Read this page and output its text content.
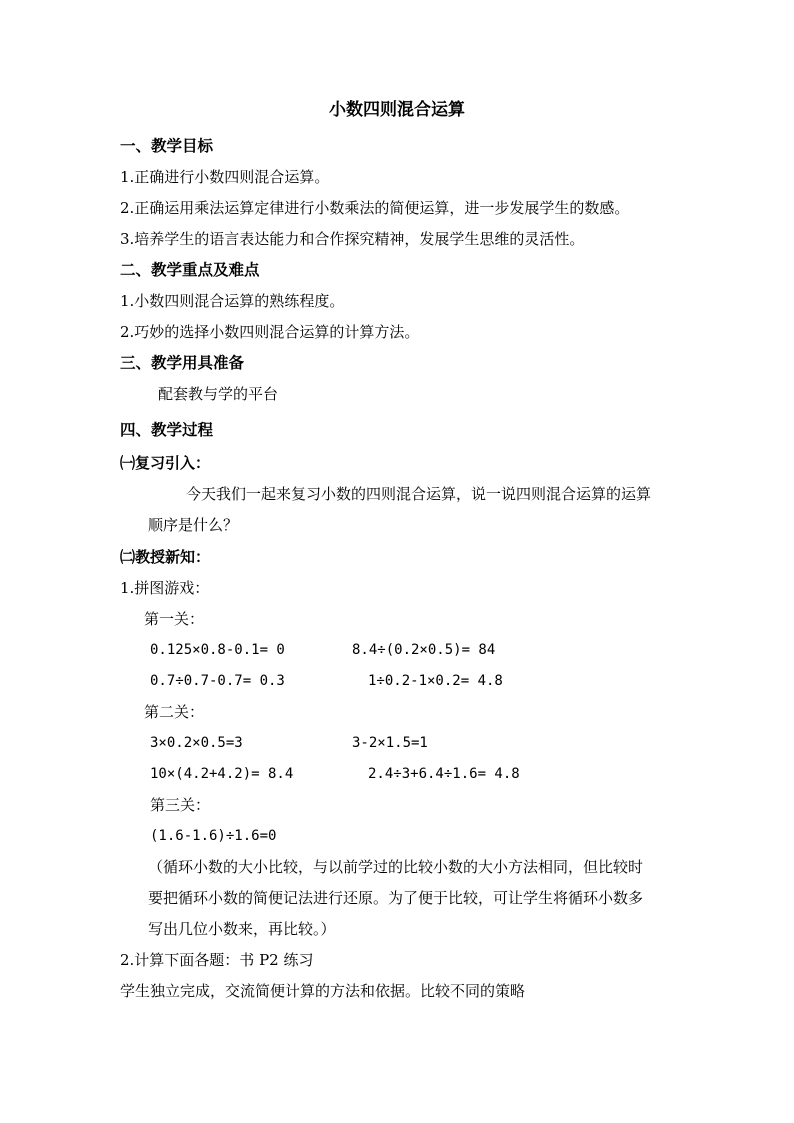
小数四则混合运算
一、教学目标
1.正确进行小数四则混合运算。
2.正确运用乘法运算定律进行小数乘法的简便运算，进一步发展学生的数感。
3.培养学生的语言表达能力和合作探究精神，发展学生思维的灵活性。
二、教学重点及难点
1.小数四则混合运算的熟练程度。
2.巧妙的选择小数四则混合运算的计算方法。
三、教学用具准备
配套教与学的平台
四、教学过程
㈠复习引入：
今天我们一起来复习小数的四则混合运算，说一说四则混合运算的运算
顺序是什么？
㈡教授新知：
1.拼图游戏：
第一关：
0.125×0.8-0.1= 0	8.4÷(0.2×0.5)= 84
0.7÷0.7-0.7= 0.3	1÷0.2-1×0.2= 4.8
第二关：
3×0.2×0.5=3	3-2×1.5=1
10×(4.2+4.2)= 8.4	2.4÷3+6.4÷1.6= 4.8
第三关：
(1.6-1.6)÷1.6=0
（循环小数的大小比较，与以前学过的比较小数的大小方法相同，但比较时
要把循环小数的简便记法进行还原。为了便于比较，可让学生将循环小数多
写出几位小数来，再比较。）
2.计算下面各题：书 P2 练习
学生独立完成，交流简便计算的方法和依据。比较不同的策略
